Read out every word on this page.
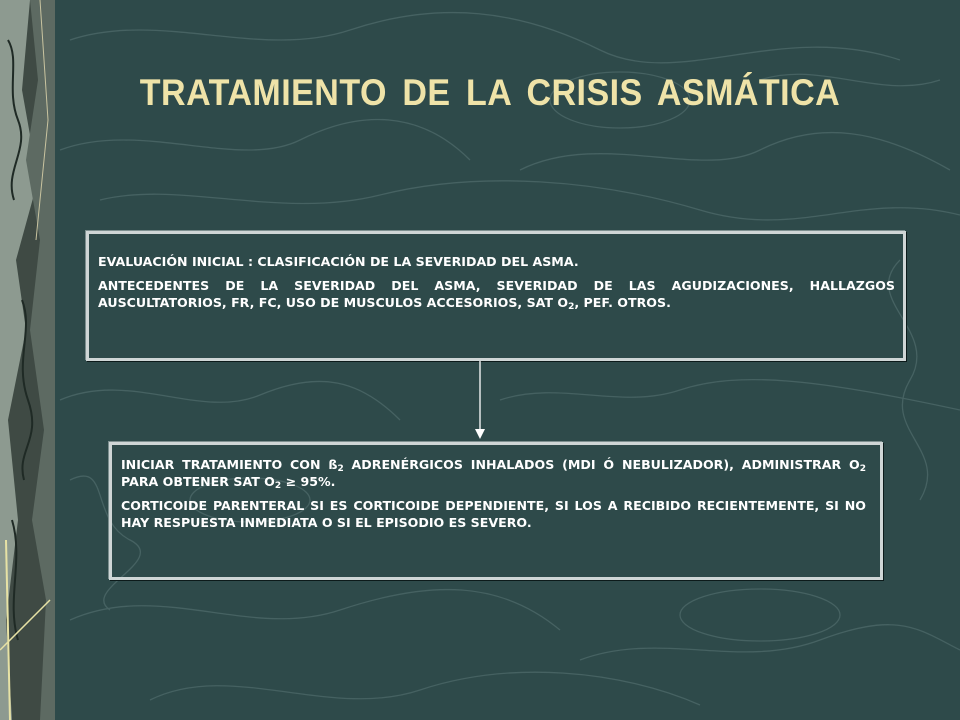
TRATAMIENTO DE LA CRISIS ASMÁTICA

EVALUACIÓN INICIAL : CLASIFICACIÓN DE LA SEVERIDAD DEL ASMA.

ANTECEDENTES DE LA SEVERIDAD DEL ASMA, SEVERIDAD DE LAS AGUDIZACIONES, HALLAZGOS AUSCULTATORIOS, FR, FC, USO DE MUSCULOS ACCESORIOS, SAT $O_2$, PEF. OTROS.

INICIAR TRATAMIENTO CON $ß_2$ ADRENÉRGICOS INHALADOS (MDI Ó NEBULIZADOR), ADMINISTRAR $O_2$ PARA OBTENER SAT $O_2 \ge 95\%$.

CORTICOIDE PARENTERAL SI ES CORTICOIDE DEPENDIENTE, SI LOS A RECIBIDO RECIENTEMENTE, SI NO HAY RESPUESTA INMEDIATA O SI EL EPISODIO ES SEVERO.
